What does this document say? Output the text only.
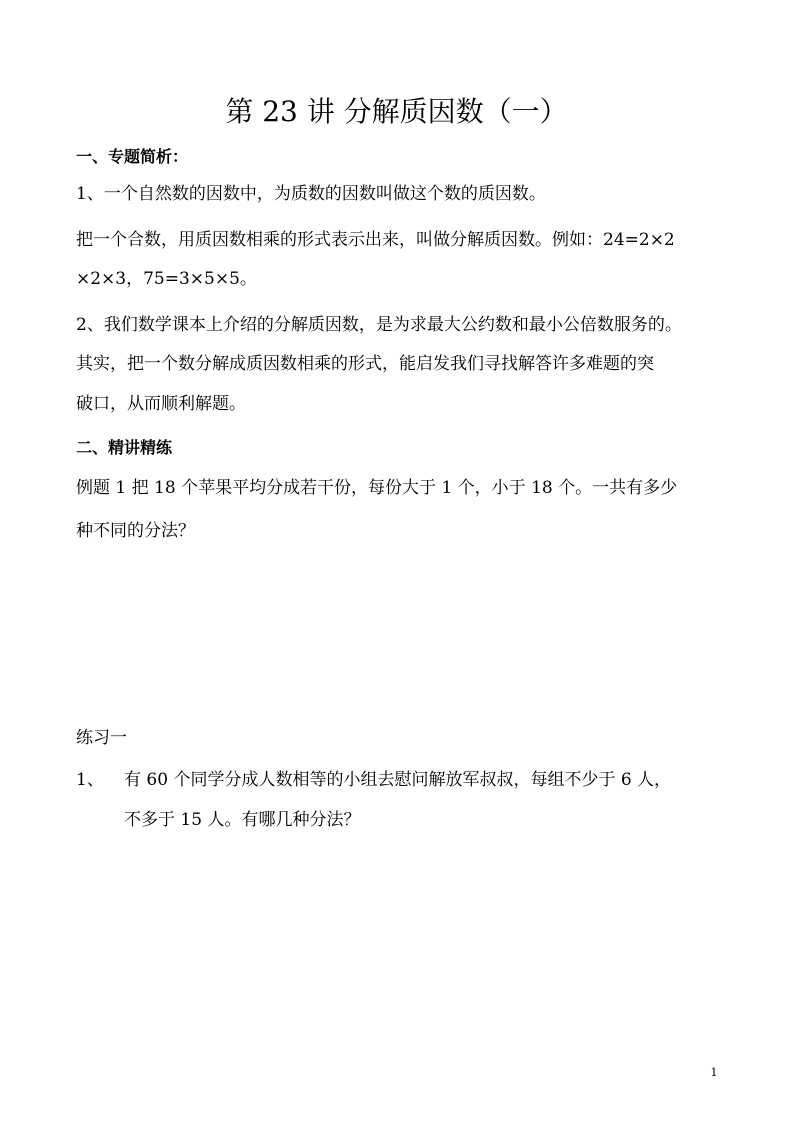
第 23 讲 分解质因数（一）
一、专题简析：
1、一个自然数的因数中，为质数的因数叫做这个数的质因数。
把一个合数，用质因数相乘的形式表示出来，叫做分解质因数。例如：24=2×2
×2×3，75=3×5×5。
2、我们数学课本上介绍的分解质因数，是为求最大公约数和最小公倍数服务的。
其实，把一个数分解成质因数相乘的形式，能启发我们寻找解答许多难题的突
破口，从而顺利解题。
二、精讲精练
例题 1 把 18 个苹果平均分成若干份，每份大于 1 个，小于 18 个。一共有多少
种不同的分法？
练习一
1、 有 60 个同学分成人数相等的小组去慰问解放军叔叔，每组不少于 6 人，
不多于 15 人。有哪几种分法？
1
